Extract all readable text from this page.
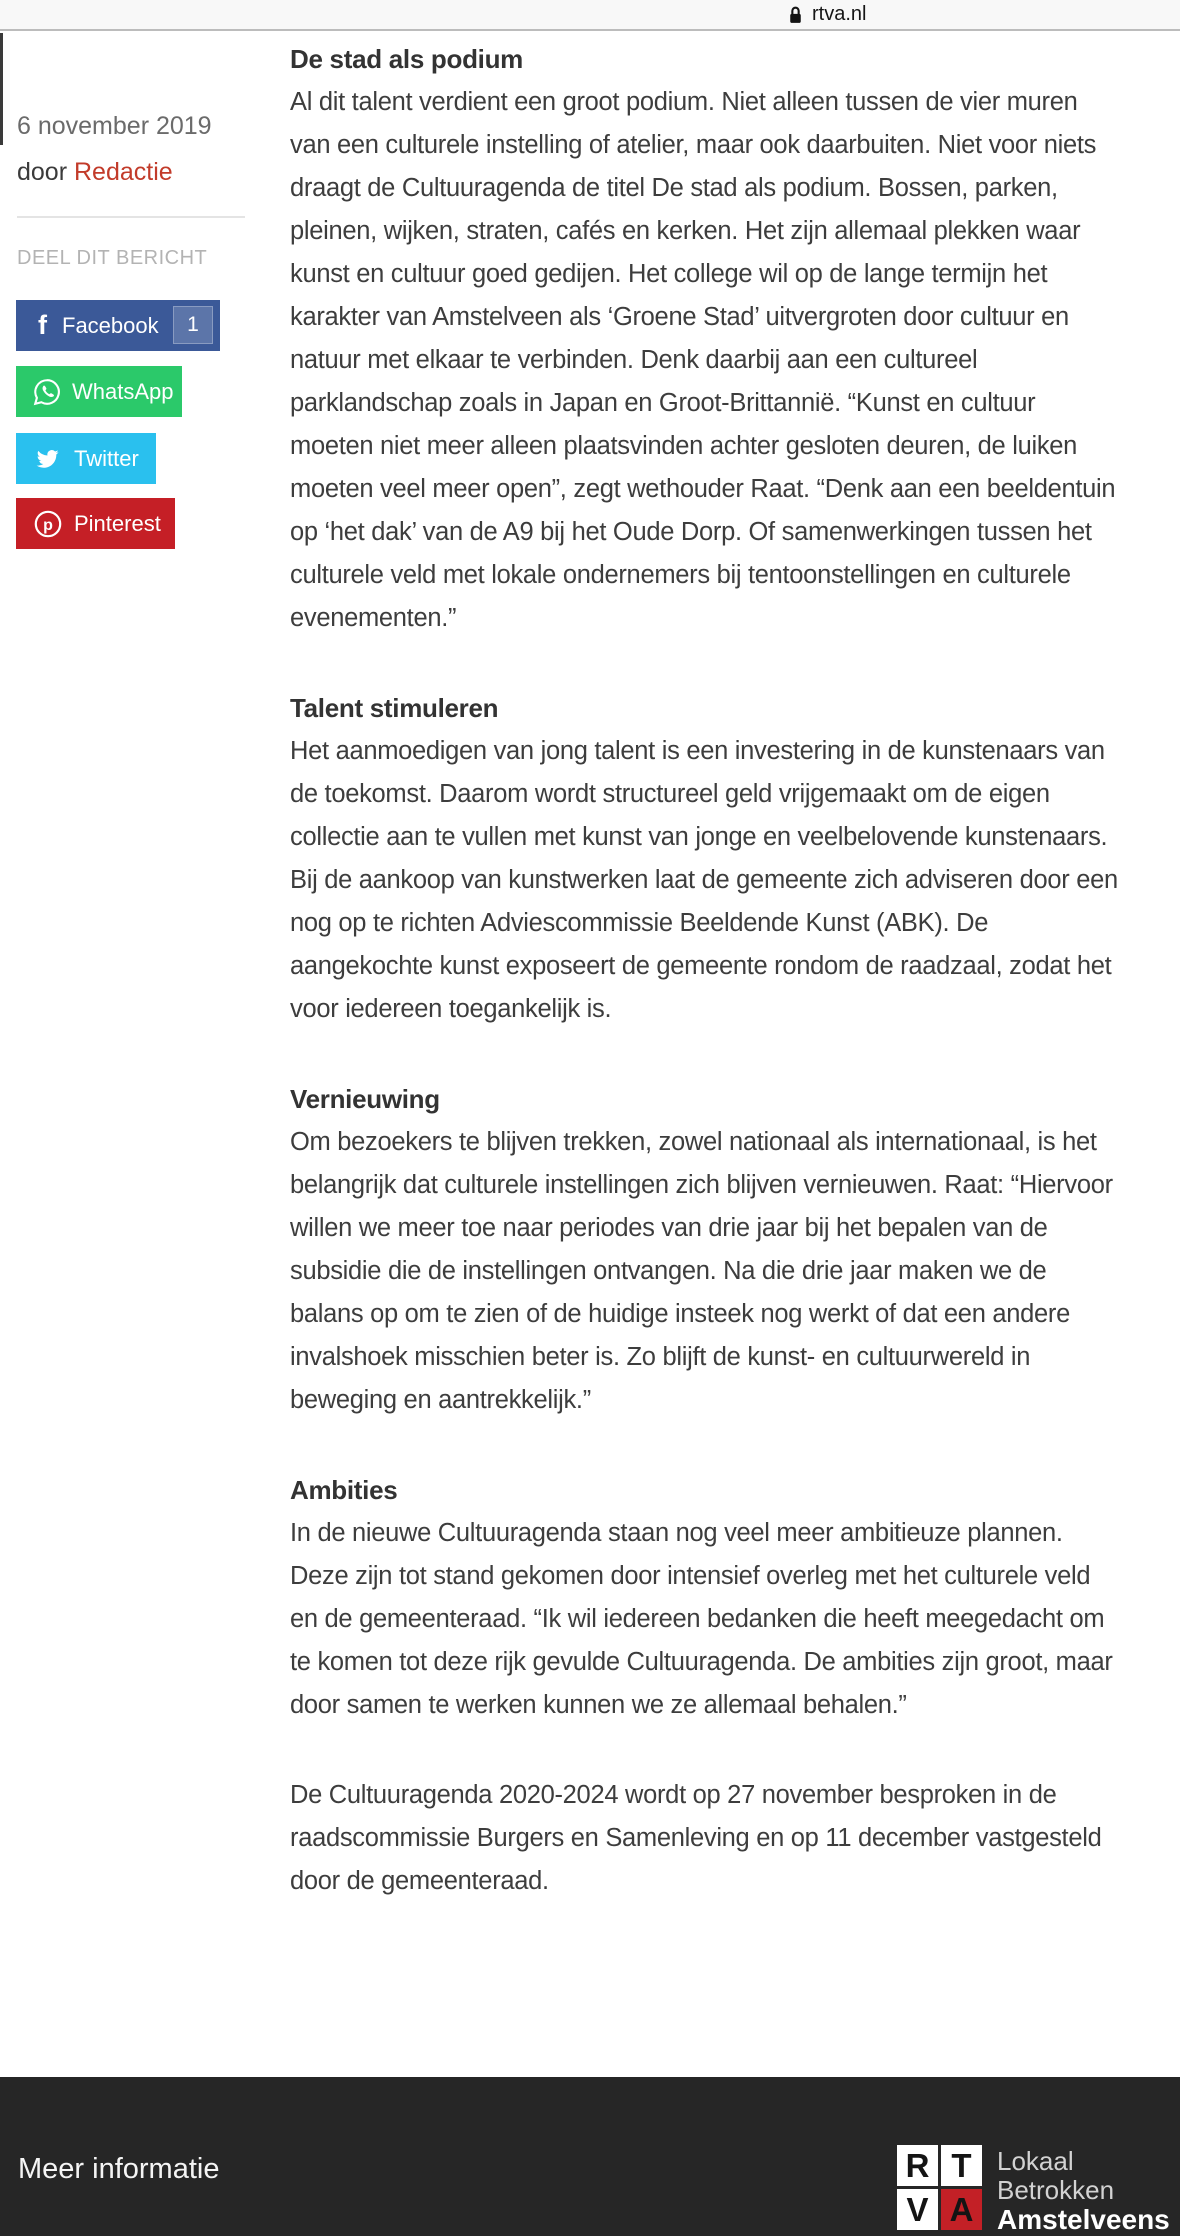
rtva.nl
6 november 2019
door Redactie
DEEL DIT BERICHT
f Facebook	1
WhatsApp
Twitter
p Pinterest
De stad als podium

Al dit talent verdient een groot podium. Niet alleen tussen de vier muren van een culturele instelling of atelier, maar ook daarbuiten. Niet voor niets draagt de Cultuuragenda de titel De stad als podium. Bossen, parken, pleinen, wijken, straten, cafés en kerken. Het zijn allemaal plekken waar kunst en cultuur goed gedijen. Het college wil op de lange termijn het karakter van Amstelveen als ‘Groene Stad’ uitvergroten door cultuur en natuur met elkaar te verbinden. Denk daarbij aan een cultureel parklandschap zoals in Japan en Groot-Brittannië. “Kunst en cultuur moeten niet meer alleen plaatsvinden achter gesloten deuren, de luiken moeten veel meer open”, zegt wethouder Raat. “Denk aan een beeldentuin op ‘het dak’ van de A9 bij het Oude Dorp. Of samenwerkingen tussen het culturele veld met lokale ondernemers bij tentoonstellingen en culturele evenementen.”

Talent stimuleren

Het aanmoedigen van jong talent is een investering in de kunstenaars van de toekomst. Daarom wordt structureel geld vrijgemaakt om de eigen collectie aan te vullen met kunst van jonge en veelbelovende kunstenaars. Bij de aankoop van kunstwerken laat de gemeente zich adviseren door een nog op te richten Adviescommissie Beeldende Kunst (ABK). De aangekochte kunst exposeert de gemeente rondom de raadzaal, zodat het voor iedereen toegankelijk is.

Vernieuwing

Om bezoekers te blijven trekken, zowel nationaal als internationaal, is het belangrijk dat culturele instellingen zich blijven vernieuwen. Raat: “Hiervoor willen we meer toe naar periodes van drie jaar bij het bepalen van de subsidie die de instellingen ontvangen. Na die drie jaar maken we de balans op om te zien of de huidige insteek nog werkt of dat een andere invalshoek misschien beter is. Zo blijft de kunst- en cultuurwereld in beweging en aantrekkelijk.”

Ambities

In de nieuwe Cultuuragenda staan nog veel meer ambitieuze plannen. Deze zijn tot stand gekomen door intensief overleg met het culturele veld en de gemeenteraad. “Ik wil iedereen bedanken die heeft meegedacht om te komen tot deze rijk gevulde Cultuuragenda. De ambities zijn groot, maar door samen te werken kunnen we ze allemaal behalen.”

De Cultuuragenda 2020-2024 wordt op 27 november besproken in de raadscommissie Burgers en Samenleving en op 11 december vastgesteld door de gemeenteraad.

Meer informatie	R T
V A
Lokaal
Betrokken
Amstelveens
